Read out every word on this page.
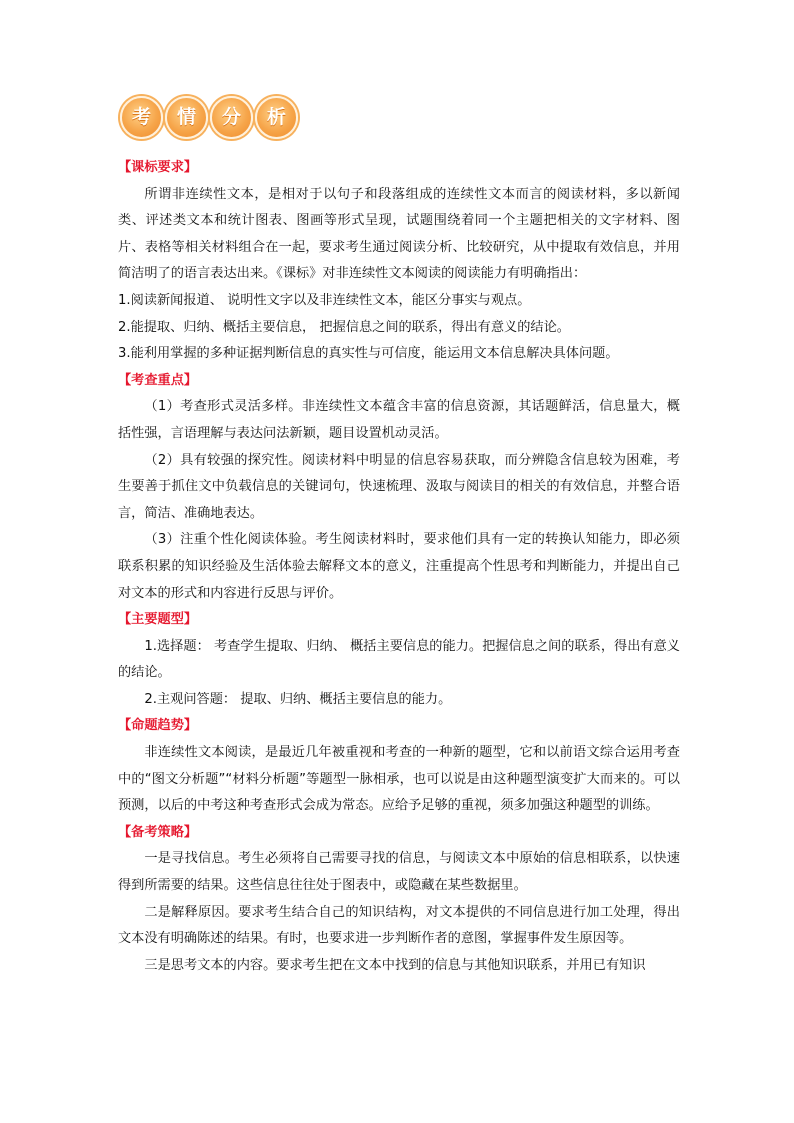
考 情 分 析
【课标要求】

所谓非连续性文本，是相对于以句子和段落组成的连续性文本而言的阅读材料，多以新闻类、评述类文本和统计图表、图画等形式呈现，试题围绕着同一个主题把相关的文字材料、图片、表格等相关材料组合在一起，要求考生通过阅读分析、比较研究，从中提取有效信息，并用简洁明了的语言表达出来。《课标》对非连续性文本阅读的阅读能力有明确指出：

1.阅读新闻报道、 说明性文字以及非连续性文本，能区分事实与观点。

2.能提取、归纳、概括主要信息， 把握信息之间的联系，得出有意义的结论。

3.能利用掌握的多种证据判断信息的真实性与可信度，能运用文本信息解决具体问题。

【考查重点】

（1）考查形式灵活多样。非连续性文本蕴含丰富的信息资源，其话题鲜活，信息量大，概括性强，言语理解与表达问法新颖，题目设置机动灵活。

（2）具有较强的探究性。阅读材料中明显的信息容易获取，而分辨隐含信息较为困难，考生要善于抓住文中负载信息的关键词句，快速梳理、汲取与阅读目的相关的有效信息，并整合语言，简洁、准确地表达。

（3）注重个性化阅读体验。考生阅读材料时，要求他们具有一定的转换认知能力，即必须联系积累的知识经验及生活体验去解释文本的意义，注重提高个性思考和判断能力，并提出自己对文本的形式和内容进行反思与评价。

【主要题型】

1.选择题： 考查学生提取、归纳、 概括主要信息的能力。把握信息之间的联系，得出有意义的结论。

2.主观问答题： 提取、归纳、概括主要信息的能力。

【命题趋势】

非连续性文本阅读，是最近几年被重视和考查的一种新的题型，它和以前语文综合运用考查中的“图文分析题”“材料分析题”等题型一脉相承，也可以说是由这种题型演变扩大而来的。可以预测，以后的中考这种考查形式会成为常态。应给予足够的重视，须多加强这种题型的训练。

【备考策略】

一是寻找信息。考生必须将自己需要寻找的信息，与阅读文本中原始的信息相联系，以快速得到所需要的结果。这些信息往往处于图表中，或隐藏在某些数据里。

二是解释原因。要求考生结合自己的知识结构，对文本提供的不同信息进行加工处理，得出文本没有明确陈述的结果。有时，也要求进一步判断作者的意图，掌握事件发生原因等。

三是思考文本的内容。要求考生把在文本中找到的信息与其他知识联系，并用已有知识
